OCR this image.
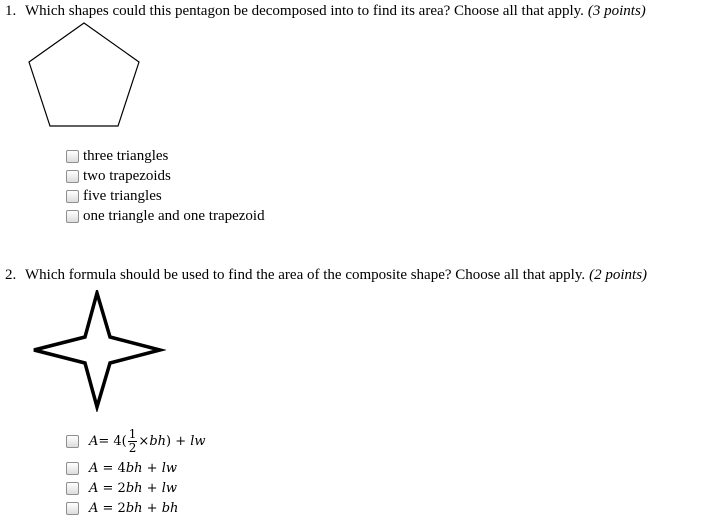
1. Which shapes could this pentagon be decomposed into to find its area? Choose all that apply. (3 points)
three triangles
two trapezoids
five triangles
one triangle and one trapezoid
2. Which formula should be used to find the area of the composite shape? Choose all that apply. (2 points)
$A= 4( \frac{1}{2} \times bh)$ + lw
A = 4bh + lw
A = 2bh + lw
A = 2bh + bh
